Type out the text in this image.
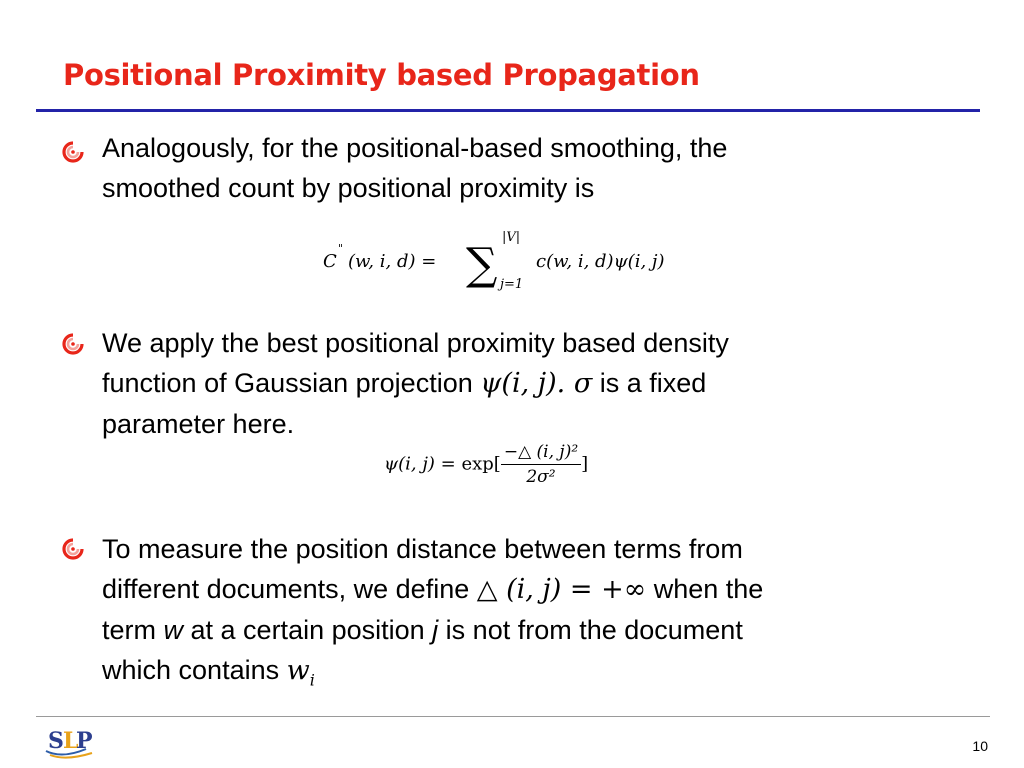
Positional Proximity based Propagation
Analogously, for the positional-based smoothing, the
smoothed count by positional proximity is
C
"
(w, i, d) = ∑
|V|
j=1
c(w, i, d)ψ(i, j)
We apply the best positional proximity based density
function of Gaussian projection ψ(i, j). σ is a fixed
parameter here.
ψ(i, $j) = \exp[ \frac{\text{−△ (i, j)²}}{\text{2σ²}}$ ]
To measure the position distance between terms from
different documents, we define △ (i, j) = +∞ when the
term w at a certain position j is not from the document
which contains $w_i$
S L
P	10
